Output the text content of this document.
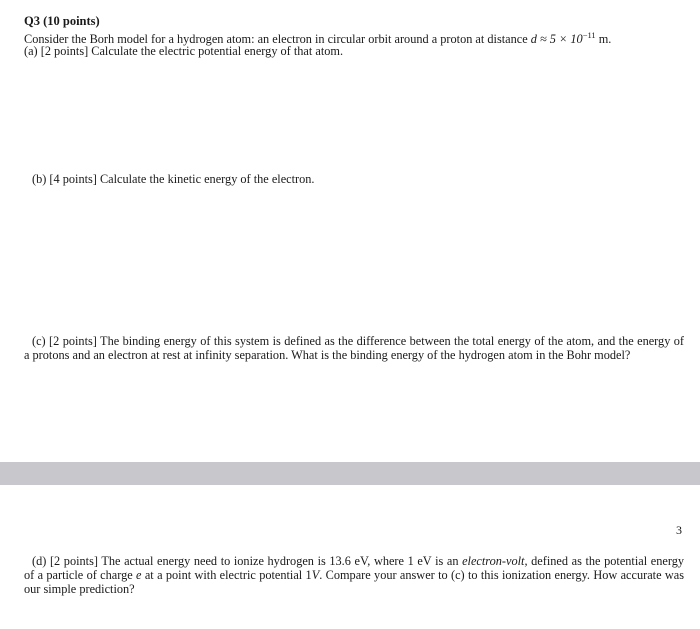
Q3 (10 points)

Consider the Borh model for a hydrogen atom: an electron in circular orbit around a proton at distance $d \approx 5 \times 10^{-11}$ m.

(a) [2 points] Calculate the electric potential energy of that atom.

(b) [4 points] Calculate the kinetic energy of the electron.

(c) [2 points] The binding energy of this system is defined as the difference between the total energy of the atom, and the energy of a protons and an electron at rest at infinity separation. What is the binding energy of the hydrogen atom in the Bohr model?

3

(d) [2 points] The actual energy need to ionize hydrogen is 13.6 eV, where 1 eV is an electron-volt, defined as the potential energy of a particle of charge e at a point with electric potential 1V. Compare your answer to (c) to this ionization energy. How accurate was our simple prediction?
